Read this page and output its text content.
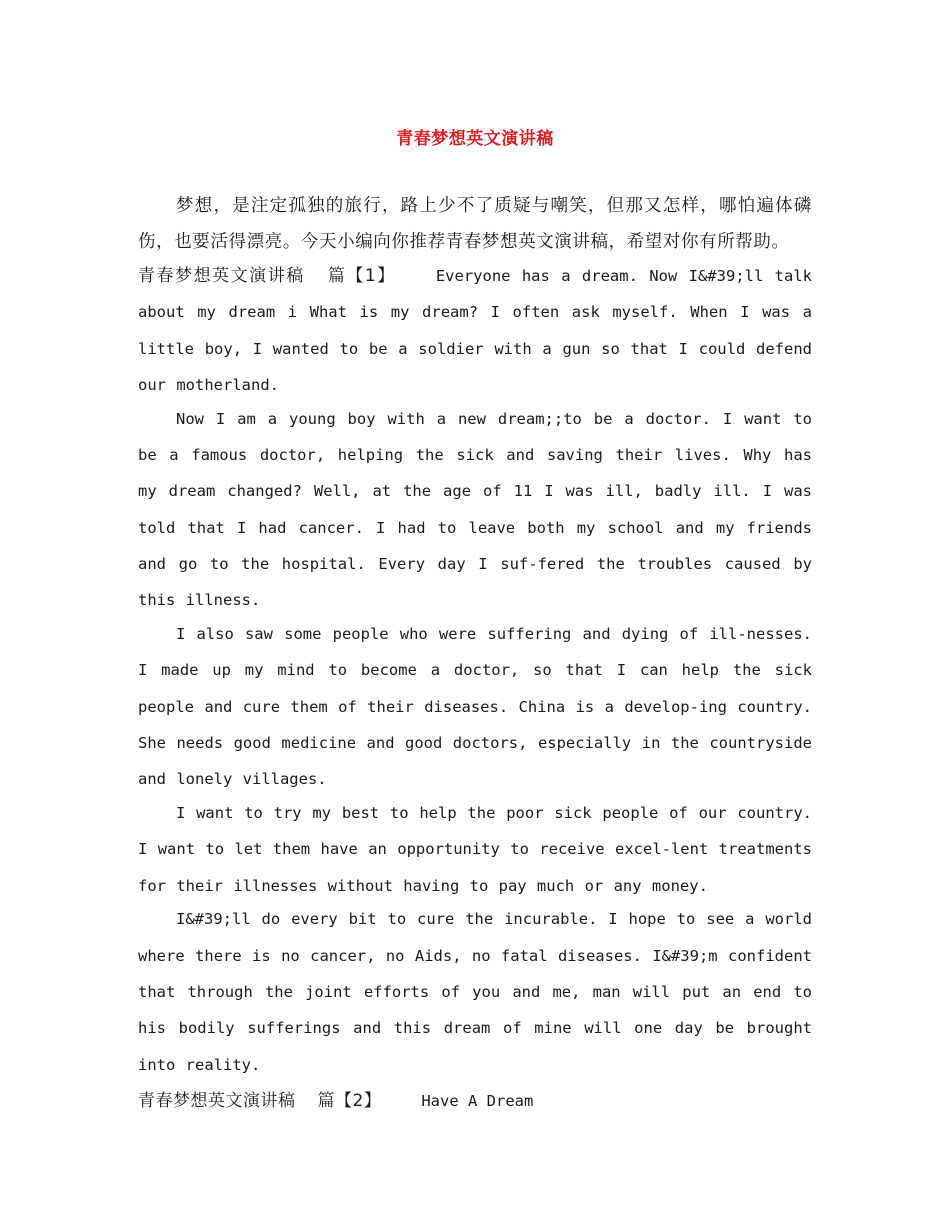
青春梦想英文演讲稿

梦想，是注定孤独的旅行，路上少不了质疑与嘲笑，但那又怎样，哪怕遍体磷伤，也要活得漂亮。今天小编向你推荐青春梦想英文演讲稿，希望对你有所帮助。

青春梦想英文演讲稿 篇【1】	Everyone has a dream. Now I&#39;ll talk about my dream i What is my dream? I often ask myself. When I was a little boy, I wanted to be a soldier with a gun so that I could defend our motherland.

Now I am a young boy with a new dream;;to be a doctor. I want to be a famous doctor, helping the sick and saving their lives. Why has my dream changed? Well, at the age of 11 I was ill, badly ill. I was told that I had cancer. I had to leave both my school and my friends and go to the hospital. Every day I suf-fered the troubles caused by this illness.

I also saw some people who were suffering and dying of ill-nesses. I made up my mind to become a doctor, so that I can help the sick people and cure them of their diseases. China is a develop-ing country. She needs good medicine and good doctors, especially in the countryside and lonely villages.

I want to try my best to help the poor sick people of our country. I want to let them have an opportunity to receive excel-lent treatments for their illnesses without having to pay much or any money.

I&#39;ll do every bit to cure the incurable. I hope to see a world where there is no cancer, no Aids, no fatal diseases. I&#39;m confident that through the joint efforts of you and me, man will put an end to his bodily sufferings and this dream of mine will one day be brought into reality.

青春梦想英文演讲稿 篇【2】	Have A Dream
